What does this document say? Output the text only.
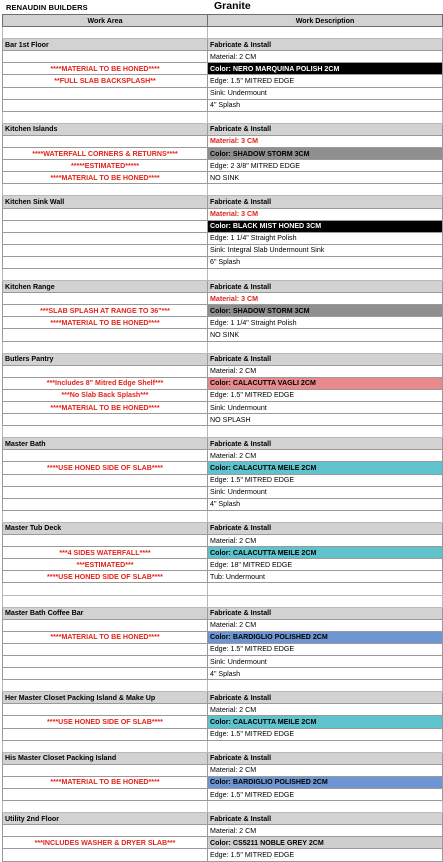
RENAUDIN BUILDERS	Granite
Work Area	Work Description

Bar 1st Floor	Fabricate & Install
	Material: 2 CM
****MATERIAL TO BE HONED****	Color: NERO MARQUINA POLISH 2CM
**FULL SLAB BACKSPLASH**	Edge: 1.5" MITRED EDGE
	Sink: Undermount
	4" Splash

Kitchen Islands	Fabricate & Install
	Material: 3 CM
****WATERFALL CORNERS & RETURNS****	Color: SHADOW STORM 3CM
*****ESTIMATED*****	Edge: 2 3/8" MITRED EDGE
****MATERIAL TO BE HONED****	NO SINK

Kitchen Sink Wall	Fabricate & Install
	Material: 3 CM
	Color: BLACK MIST HONED 3CM
	Edge: 1 1/4" Straight Polish
	Sink: Integral Slab Undermount Sink
	6" Splash

Kitchen Range	Fabricate & Install
	Material: 3 CM
***SLAB SPLASH AT RANGE TO 36"***	Color: SHADOW STORM 3CM
****MATERIAL TO BE HONED****	Edge: 1 1/4" Straight Polish
	NO SINK

Butlers Pantry	Fabricate & Install
	Material: 2 CM
***Includes 8" Mitred Edge Shelf***	Color: CALACUTTA VAGLI 2CM
***No Slab Back Splash***	Edge: 1.5" MITRED EDGE
****MATERIAL TO BE HONED****	Sink: Undermount
	NO SPLASH

Master Bath	Fabricate & Install
	Material: 2 CM
****USE HONED SIDE OF SLAB****	Color: CALACUTTA MEILE 2CM
	Edge: 1.5" MITRED EDGE
	Sink: Undermount
	4" Splash

Master Tub Deck	Fabricate & Install
	Material: 2 CM
***4 SIDES WATERFALL****	Color: CALACUTTA MEILE 2CM
***ESTIMATED***	Edge: 18" MITRED EDGE
****USE HONED SIDE OF SLAB****	Tub: Undermount

Master Bath Coffee Bar	Fabricate & Install
	Material: 2 CM
****MATERIAL TO BE HONED****	Color: BARDIGLIO POLISHED 2CM
	Edge: 1.5" MITRED EDGE
	Sink: Undermount
	4" Splash

Her Master Closet Packing Island & Make Up	Fabricate & Install
	Material: 2 CM
****USE HONED SIDE OF SLAB****	Color: CALACUTTA MEILE 2CM
	Edge: 1.5" MITRED EDGE

His Master Closet Packing Island	Fabricate & Install
	Material: 2 CM
****MATERIAL TO BE HONED****	Color: BARDIGLIO POLISHED 2CM
	Edge: 1.5" MITRED EDGE

Utility 2nd Floor	Fabricate & Install
	Material: 2 CM
***INCLUDES WASHER & DRYER SLAB***	Color: CS5211 NOBLE GREY 2CM
	Edge: 1.5" MITRED EDGE
